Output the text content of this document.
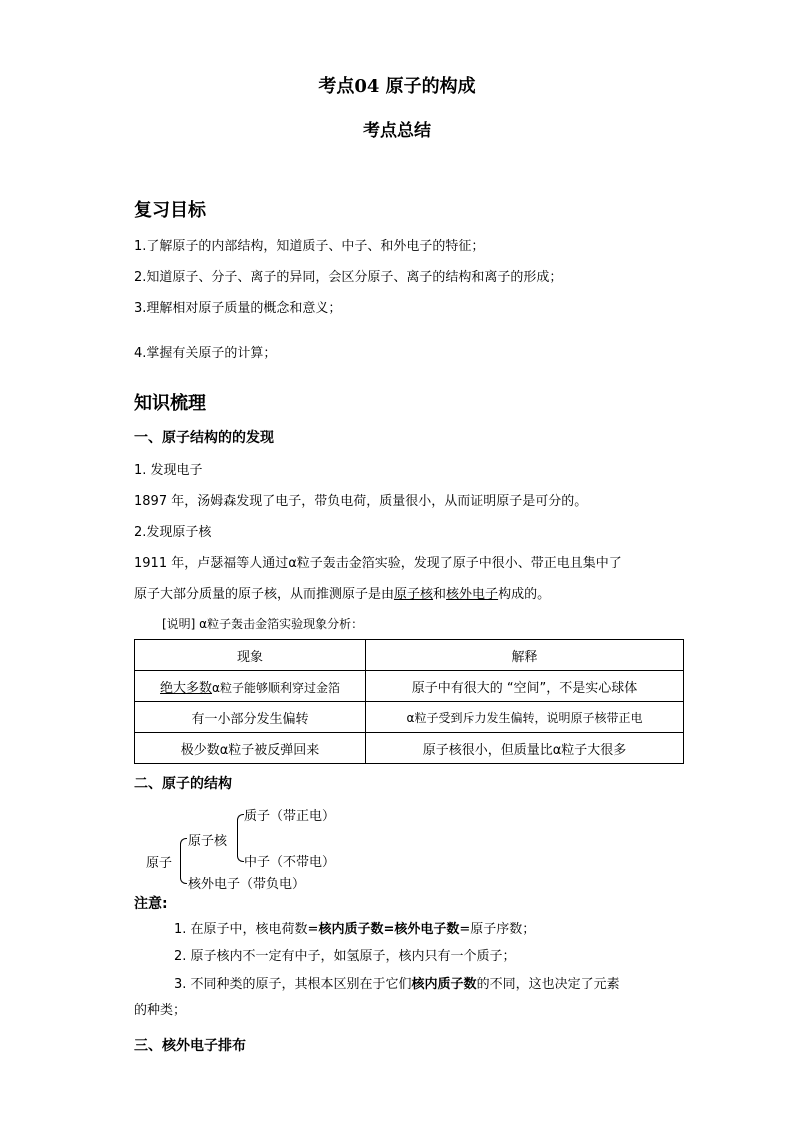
考点04 原子的构成
考点总结
复习目标
1.了解原子的内部结构，知道质子、中子、和外电子的特征；
2.知道原子、分子、离子的异同，会区分原子、离子的结构和离子的形成；
3.理解相对原子质量的概念和意义；
4.掌握有关原子的计算；
知识梳理
一、原子结构的的发现
1. 发现电子
1897 年，汤姆森发现了电子，带负电荷，质量很小，从而证明原子是可分的。
2.发现原子核
1911 年，卢瑟福等人通过α粒子轰击金箔实验，发现了原子中很小、带正电且集中了
原子大部分质量的原子核，从而推测原子是由原子核和核外电子构成的。
[说明] α粒子轰击金箔实验现象分析：
现象	解释
绝大多数α粒子能够顺利穿过金箔	原子中有很大的 “空间”，不是实心球体
有一小部分发生偏转	α粒子受到斥力发生偏转，说明原子核带正电
极少数α粒子被反弹回来	原子核很小，但质量比α粒子大很多
二、原子的结构
原子
原子核
核外电子（带负电）
质子（带正电）
中子（不带电）
注意:
1. 在原子中，核电荷数=核内质子数=核外电子数=原子序数；
2. 原子核内不一定有中子，如氢原子，核内只有一个质子；
3. 不同种类的原子，其根本区别在于它们核内质子数的不同，这也决定了元素
的种类；
三、核外电子排布
